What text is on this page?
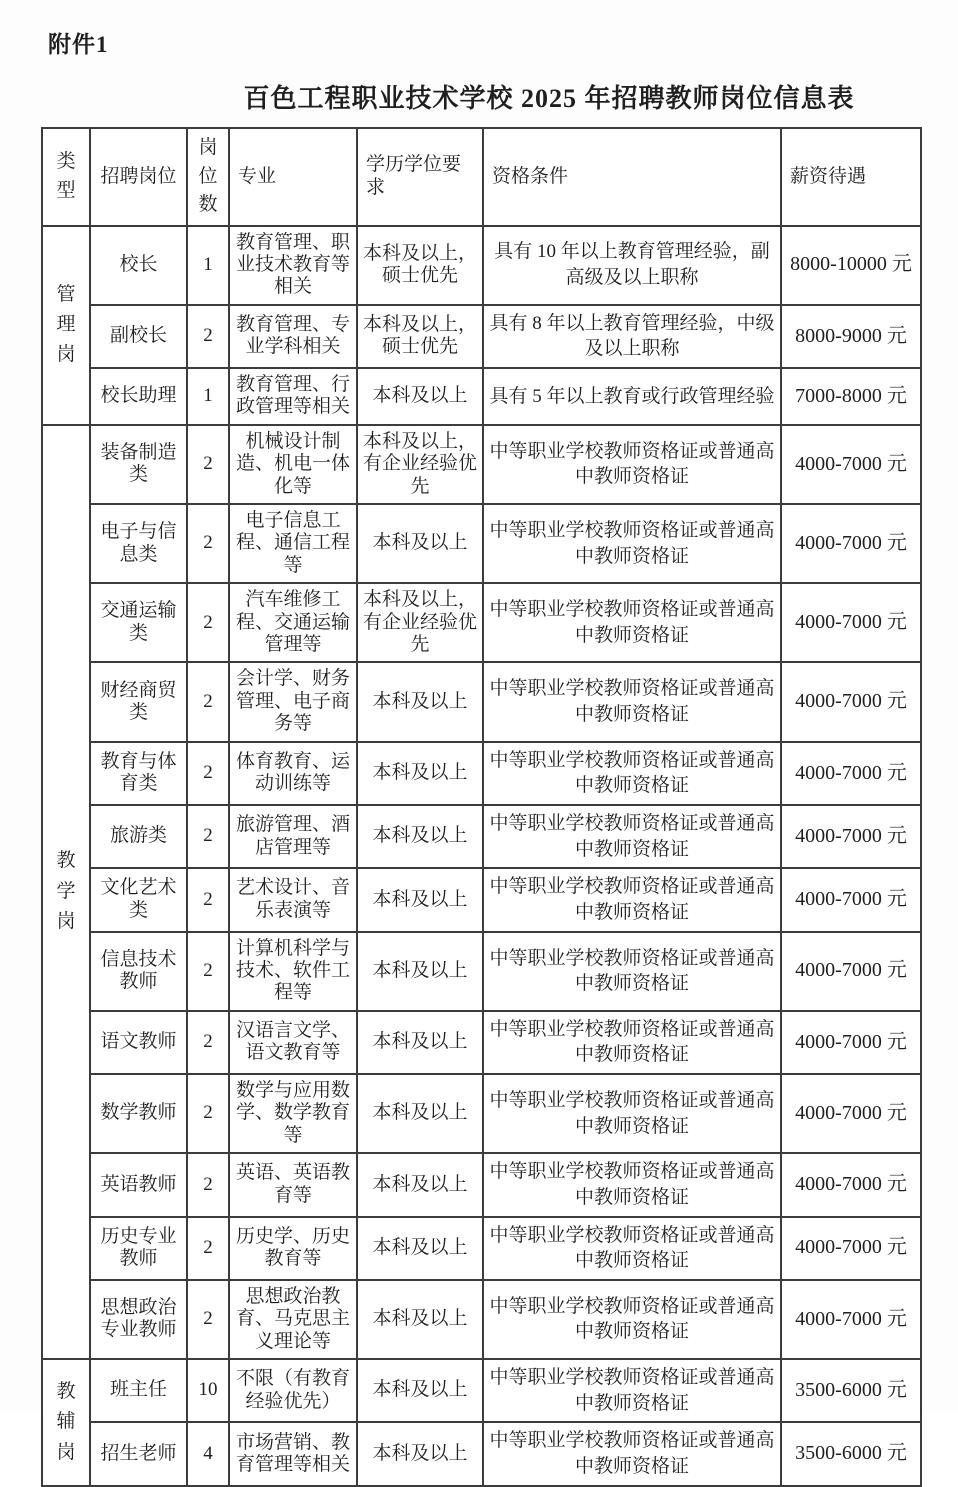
附件1
百色工程职业技术学校 2025 年招聘教师岗位信息表
类型	招聘岗位	岗位数	专业	学历学位要求	资格条件	薪资待遇

管理岗	校长	1	教育管理、职业技术教育等相关	本科及以上，硕士优先	具有 10 年以上教育管理经验，副高级及以上职称	8000-10000 元
	副校长	2	教育管理、专业学科相关	本科及以上，硕士优先	具有 8 年以上教育管理经验，中级及以上职称	8000-9000 元
	校长助理	1	教育管理、行政管理等相关	本科及以上	具有 5 年以上教育或行政管理经验	7000-8000 元

教学岗	装备制造类	2	机械设计制造、机电一体化等	本科及以上，有企业经验优先	中等职业学校教师资格证或普通高中教师资格证	4000-7000 元
	电子与信息类	2	电子信息工程、通信工程等	本科及以上	中等职业学校教师资格证或普通高中教师资格证	4000-7000 元
	交通运输类	2	汽车维修工程、交通运输管理等	本科及以上，有企业经验优先	中等职业学校教师资格证或普通高中教师资格证	4000-7000 元
	财经商贸类	2	会计学、财务管理、电子商务等	本科及以上	中等职业学校教师资格证或普通高中教师资格证	4000-7000 元
	教育与体育类	2	体育教育、运动训练等	本科及以上	中等职业学校教师资格证或普通高中教师资格证	4000-7000 元
	旅游类	2	旅游管理、酒店管理等	本科及以上	中等职业学校教师资格证或普通高中教师资格证	4000-7000 元
	文化艺术类	2	艺术设计、音乐表演等	本科及以上	中等职业学校教师资格证或普通高中教师资格证	4000-7000 元
	信息技术教师	2	计算机科学与技术、软件工程等	本科及以上	中等职业学校教师资格证或普通高中教师资格证	4000-7000 元
	语文教师	2	汉语言文学、语文教育等	本科及以上	中等职业学校教师资格证或普通高中教师资格证	4000-7000 元
	数学教师	2	数学与应用数学、数学教育等	本科及以上	中等职业学校教师资格证或普通高中教师资格证	4000-7000 元
	英语教师	2	英语、英语教育等	本科及以上	中等职业学校教师资格证或普通高中教师资格证	4000-7000 元
	历史专业教师	2	历史学、历史教育等	本科及以上	中等职业学校教师资格证或普通高中教师资格证	4000-7000 元
	思想政治专业教师	2	思想政治教育、马克思主义理论等	本科及以上	中等职业学校教师资格证或普通高中教师资格证	4000-7000 元

教辅岗	班主任	10	不限（有教育经验优先）	本科及以上	中等职业学校教师资格证或普通高中教师资格证	3500-6000 元
	招生老师	4	市场营销、教育管理等相关	本科及以上	中等职业学校教师资格证或普通高中教师资格证	3500-6000 元
